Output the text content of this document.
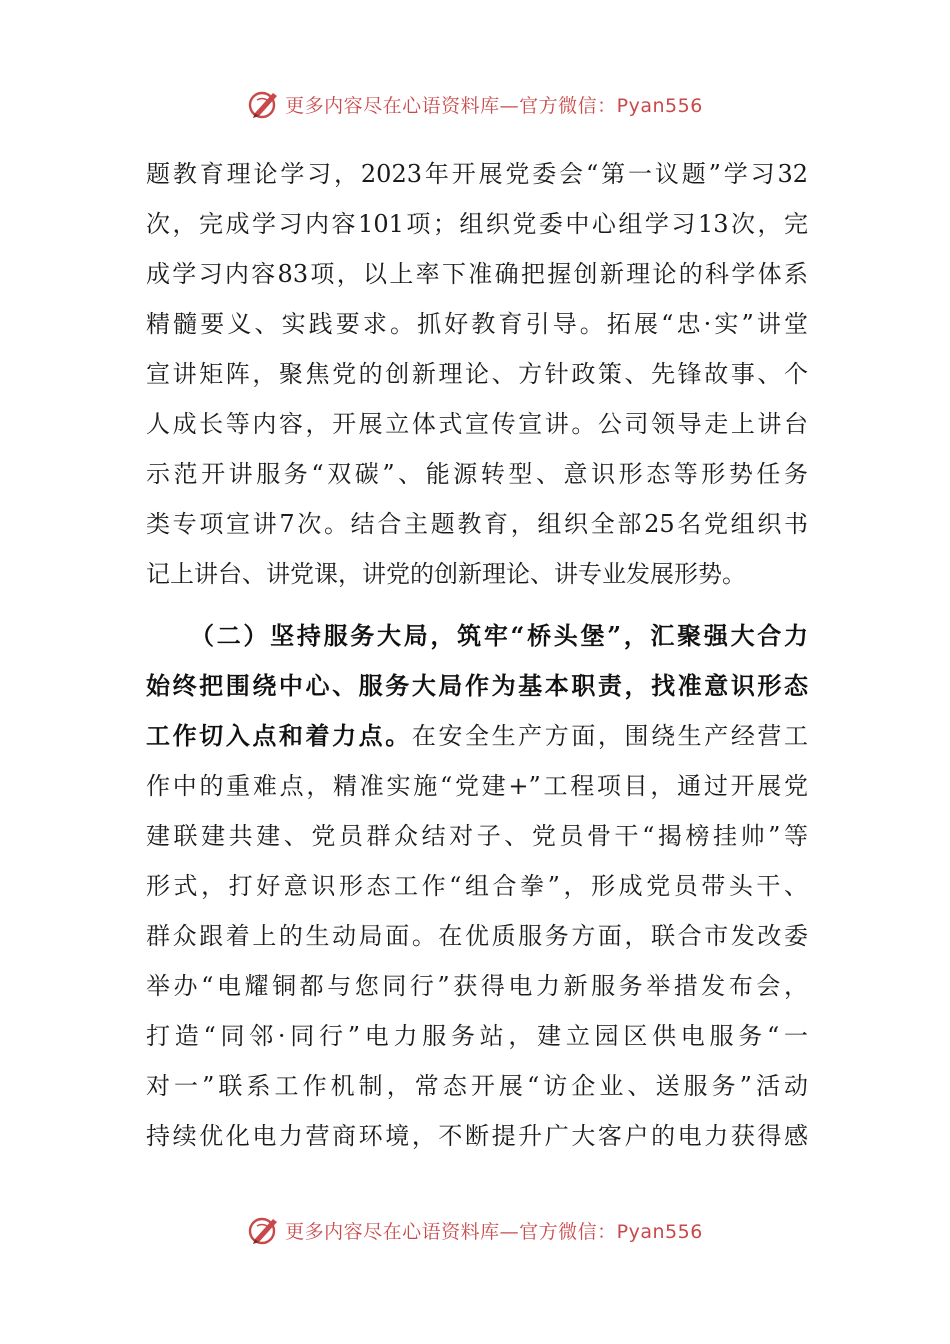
更多内容尽在心语资料库—官方微信：Pyan556
题教育理论学习，2023年开展党委会“第一议题”学习32
次，完成学习内容101项；组织党委中心组学习13次，完
成学习内容83项，以上率下准确把握创新理论的科学体系
精髓要义、实践要求。抓好教育引导。拓展“忠·实”讲堂
宣讲矩阵，聚焦党的创新理论、方针政策、先锋故事、个
人成长等内容，开展立体式宣传宣讲。公司领导走上讲台
示范开讲服务“双碳”、能源转型、意识形态等形势任务
类专项宣讲7次。结合主题教育，组织全部25名党组织书
记上讲台、讲党课，讲党的创新理论、讲专业发展形势。
（二）坚持服务大局，筑牢“桥头堡”，汇聚强大合力
始终把围绕中心、服务大局作为基本职责，找准意识形态
工作切入点和着力点。在安全生产方面，围绕生产经营工
作中的重难点，精准实施“党建+”工程项目，通过开展党
建联建共建、党员群众结对子、党员骨干“揭榜挂帅”等
形式，打好意识形态工作“组合拳”，形成党员带头干、
群众跟着上的生动局面。在优质服务方面，联合市发改委
举办“电耀铜都与您同行”获得电力新服务举措发布会，
打造“同邻·同行”电力服务站，建立园区供电服务“一
对一”联系工作机制，常态开展“访企业、送服务”活动
持续优化电力营商环境，不断提升广大客户的电力获得感
更多内容尽在心语资料库—官方微信：Pyan556
